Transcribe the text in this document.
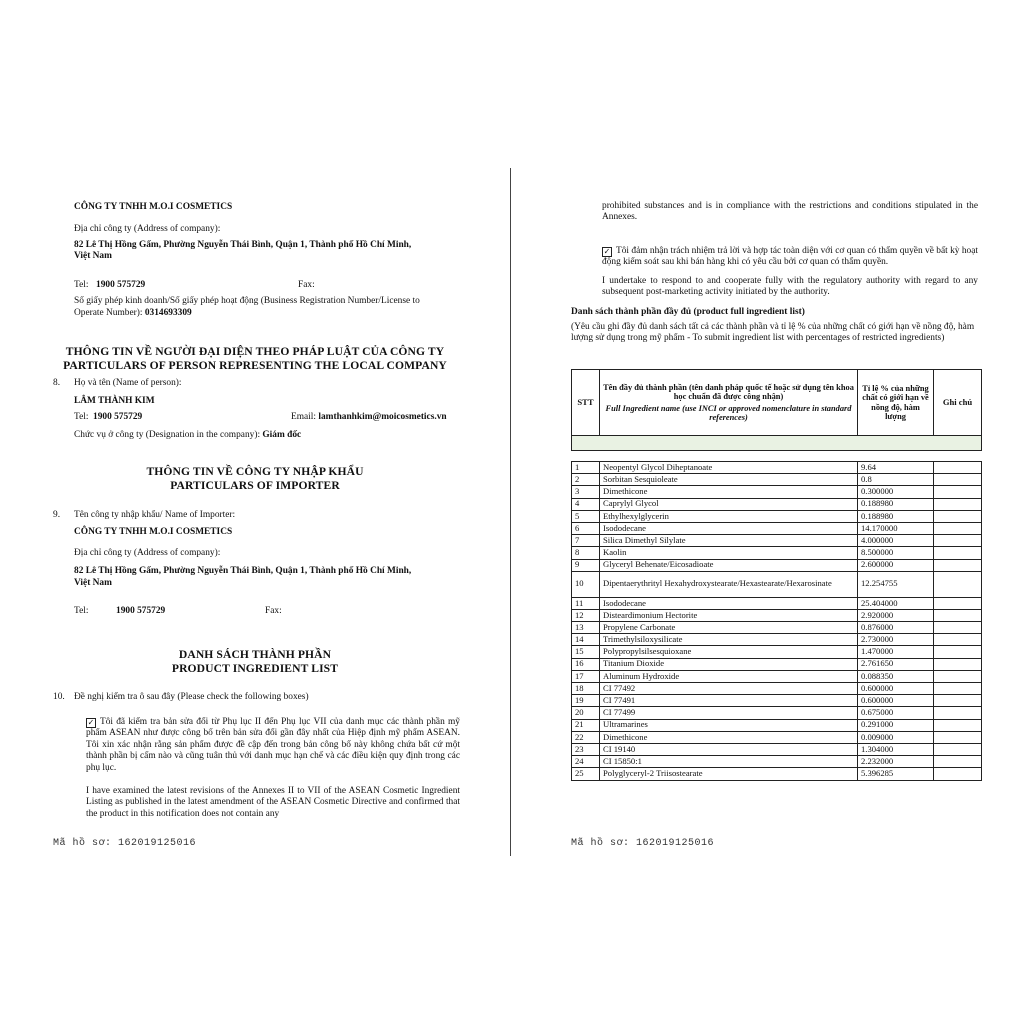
CÔNG TY TNHH M.O.I COSMETICS
Địa chỉ công ty (Address of company):
82 Lê Thị Hồng Gấm, Phường Nguyễn Thái Bình, Quận 1, Thành phố Hồ Chí Minh,
Việt Nam
Tel: 1900 575729	Fax:
Số giấy phép kinh doanh/Số giấy phép hoạt động (Business Registration Number/License to
Operate Number): 0314693309
THÔNG TIN VỀ NGƯỜI ĐẠI DIỆN THEO PHÁP LUẬT CỦA CÔNG TY
PARTICULARS OF PERSON REPRESENTING THE LOCAL COMPANY
8. Họ và tên (Name of person):
LÂM THÀNH KIM
Tel: 1900 575729	Email: lamthanhkim@moicosmetics.vn
Chức vụ ở công ty (Designation in the company): Giám đốc
THÔNG TIN VỀ CÔNG TY NHẬP KHẨU
PARTICULARS OF IMPORTER
9. Tên công ty nhập khẩu/ Name of Importer:
CÔNG TY TNHH M.O.I COSMETICS
Địa chỉ công ty (Address of company):
82 Lê Thị Hồng Gấm, Phường Nguyễn Thái Bình, Quận 1, Thành phố Hồ Chí Minh,
Việt Nam
Tel:	1900 575729	Fax:
DANH SÁCH THÀNH PHẦN
PRODUCT INGREDIENT LIST
10. Đề nghị kiểm tra ô sau đây (Please check the following boxes)
✓ Tôi đã kiểm tra bản sửa đổi từ Phụ lục II đến Phụ lục VII của danh mục các thành phần mỹ phẩm ASEAN như được công bố trên bản sửa đổi gần đây nhất của Hiệp định mỹ phẩm ASEAN. Tôi xin xác nhận rằng sản phẩm được đề cập đến trong bản công bố này không chứa bất cứ một thành phần bị cấm nào và cũng tuân thủ với danh mục hạn chế và các điều kiện quy định trong các phụ lục.
I have examined the latest revisions of the Annexes II to VII of the ASEAN Cosmetic Ingredient Listing as published in the latest amendment of the ASEAN Cosmetic Directive and confirmed that the product in this notification does not contain any
Mã hồ sơ: 162019125016
prohibited substances and is in compliance with the restrictions and conditions stipulated in the Annexes.
✓ Tôi đảm nhận trách nhiệm trả lời và hợp tác toàn diện với cơ quan có thẩm quyền về bất kỳ hoạt động kiểm soát sau khi bán hàng khi có yêu cầu bởi cơ quan có thẩm quyền.
I undertake to respond to and cooperate fully with the regulatory authority with regard to any subsequent post-marketing activity initiated by the authority.
Danh sách thành phần đầy đủ (product full ingredient list)
(Yêu cầu ghi đầy đủ danh sách tất cả các thành phần và tỉ lệ % của những chất có giới hạn về nồng độ, hàm lượng sử dụng trong mỹ phẩm - To submit ingredient list with percentages of restricted ingredients)
STT	Tên đầy đủ thành phần (tên danh pháp quốc tế hoặc sử dụng tên khoa học chuẩn đã được công nhận)
Full Ingredient name (use INCI or approved nomenclature in standard references)	Tỉ lệ % của những chất có giới hạn về nồng độ, hàm lượng	Ghi chú

1	Neopentyl Glycol Diheptanoate	9.64	
2	Sorbitan Sesquioleate	0.8	
3	Dimethicone	0.300000	
4	Caprylyl Glycol	0.188980	
5	Ethylhexylglycerin	0.188980	
6	Isododecane	14.170000	
7	Silica Dimethyl Silylate	4.000000	
8	Kaolin	8.500000	
9	Glyceryl Behenate/Eicosadioate	2.600000	
10	Dipentaerythrityl Hexahydroxystearate/Hexastearate/Hexarosinate	12.254755	
11	Isododecane	25.404000	
12	Disteardimonium Hectorite	2.920000	
13	Propylene Carbonate	0.876000	
14	Trimethylsiloxysilicate	2.730000	
15	Polypropylsilsesquioxane	1.470000	
16	Titanium Dioxide	2.761650	
17	Aluminum Hydroxide	0.088350	
18	CI 77492	0.600000	
19	CI 77491	0.600000	
20	CI 77499	0.675000	
21	Ultramarines	0.291000	
22	Dimethicone	0.009000	
23	CI 19140	1.304000	
24	CI 15850:1	2.232000	
25	Polyglyceryl-2 Triisostearate	5.396285	
Mã hồ sơ: 162019125016
